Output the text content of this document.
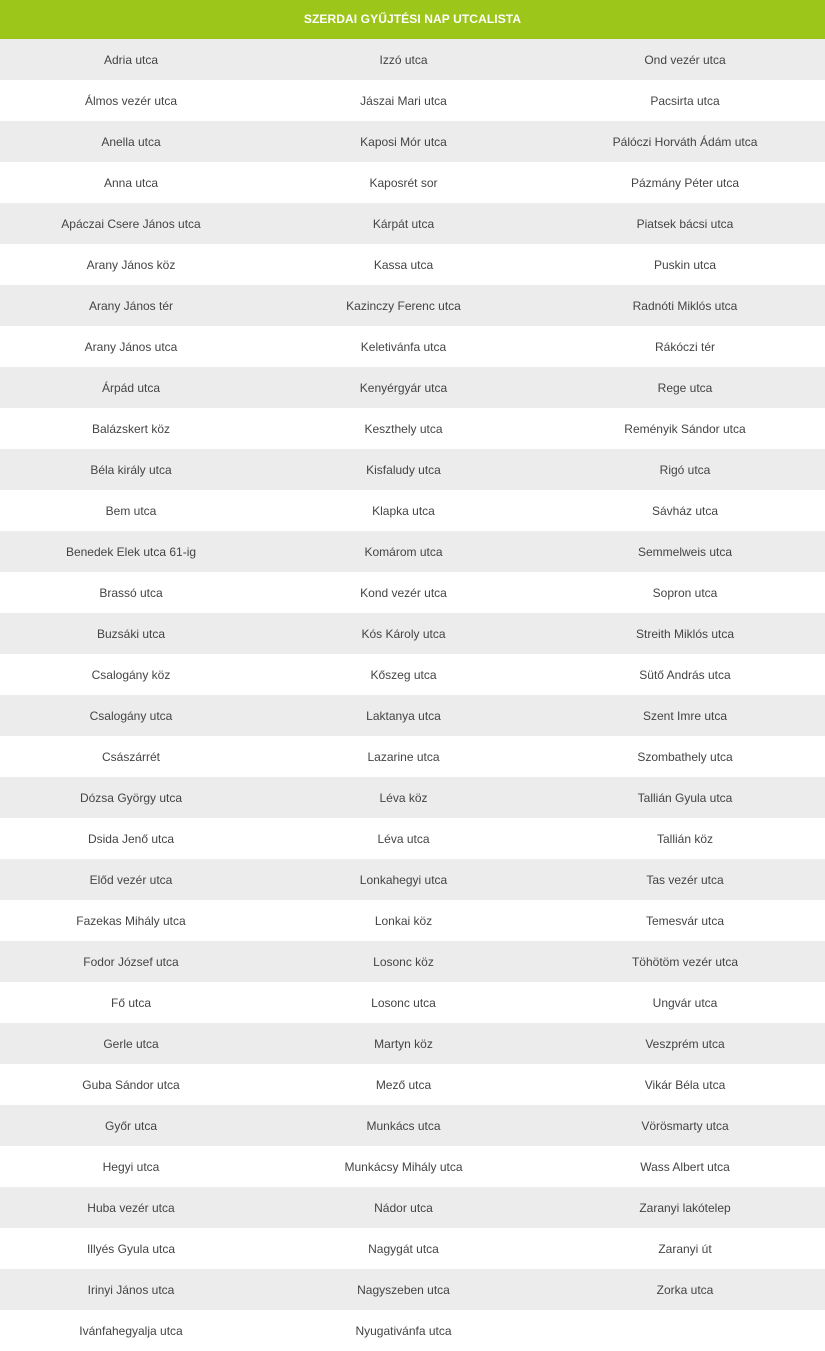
SZERDAI GYŰJTÉSI NAP UTCALISTA		
Adria utca	Izzó utca	Ond vezér utca
Álmos vezér utca	Jászai Mari utca	Pacsirta utca
Anella utca	Kaposi Mór utca	Pálóczi Horváth Ádám utca
Anna utca	Kaposrét sor	Pázmány Péter utca
Apáczai Csere János utca	Kárpát utca	Piatsek bácsi utca
Arany János köz	Kassa utca	Puskin utca
Arany János tér	Kazinczy Ferenc utca	Radnóti Miklós utca
Arany János utca	Keletivánfa utca	Rákóczi tér
Árpád utca	Kenyérgyár utca	Rege utca
Balázskert köz	Keszthely utca	Reményik Sándor utca
Béla király utca	Kisfaludy utca	Rigó utca
Bem utca	Klapka utca	Sávház utca
Benedek Elek utca 61-ig	Komárom utca	Semmelweis utca
Brassó utca	Kond vezér utca	Sopron utca
Buzsáki utca	Kós Károly utca	Streith Miklós utca
Csalogány köz	Kőszeg utca	Sütő András utca
Csalogány utca	Laktanya utca	Szent Imre utca
Császárrét	Lazarine utca	Szombathely utca
Dózsa György utca	Léva köz	Tallián Gyula utca
Dsida Jenő utca	Léva utca	Tallián köz
Előd vezér utca	Lonkahegyi utca	Tas vezér utca
Fazekas Mihály utca	Lonkai köz	Temesvár utca
Fodor József utca	Losonc köz	Töhötöm vezér utca
Fő utca	Losonc utca	Ungvár utca
Gerle utca	Martyn köz	Veszprém utca
Guba Sándor utca	Mező utca	Vikár Béla utca
Győr utca	Munkács utca	Vörösmarty utca
Hegyi utca	Munkácsy Mihály utca	Wass Albert utca
Huba vezér utca	Nádor utca	Zaranyi lakótelep
Illyés Gyula utca	Nagygát utca	Zaranyi út
Irinyi János utca	Nagyszeben utca	Zorka utca
Ivánfahegyalja utca	Nyugativánfa utca	
